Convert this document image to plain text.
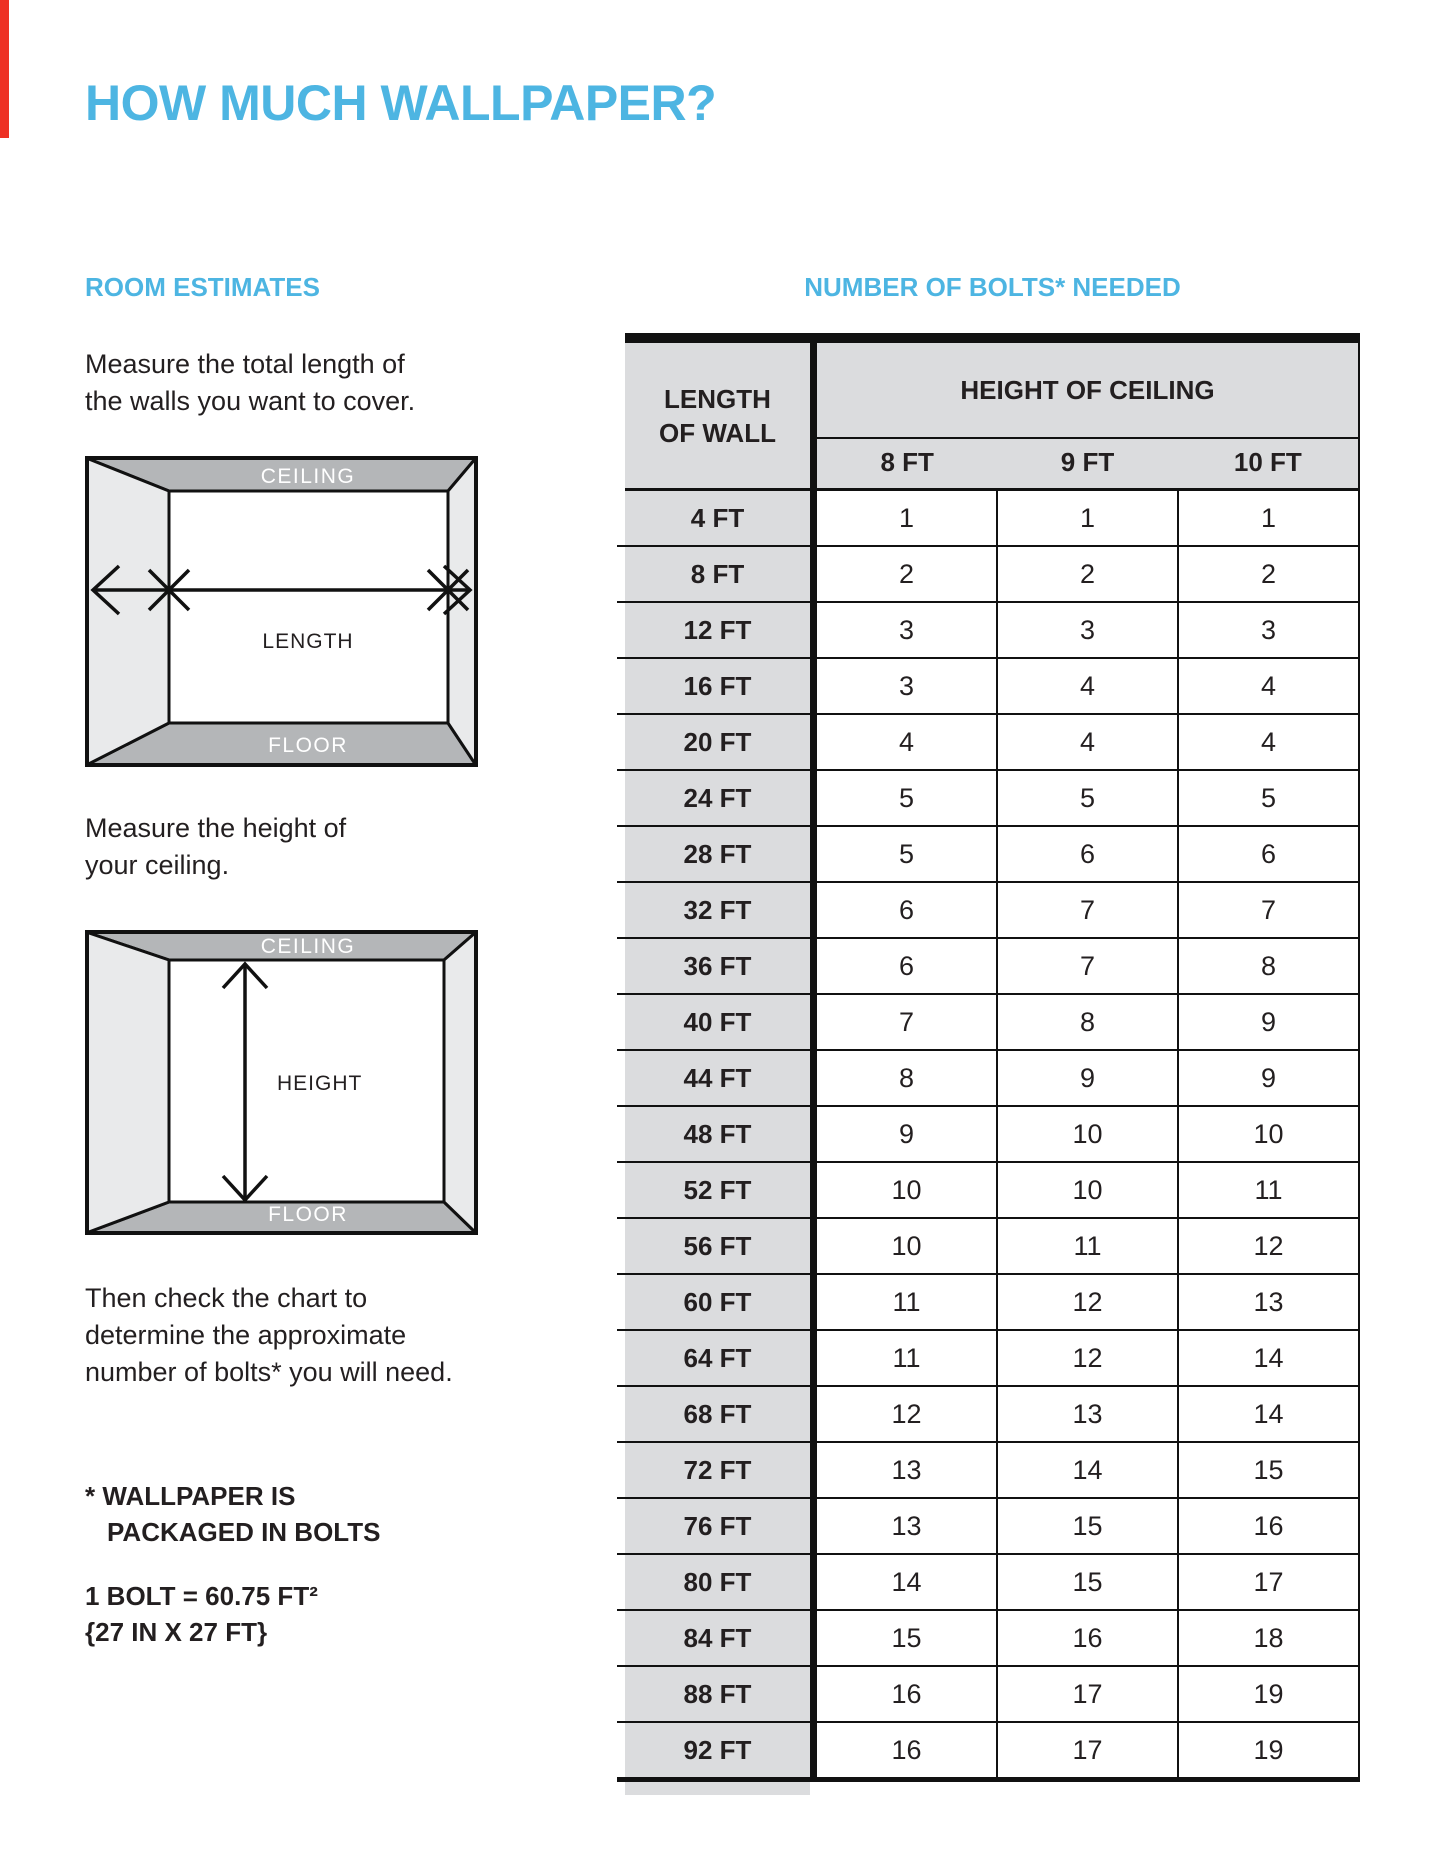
HOW MUCH WALLPAPER?
ROOM ESTIMATES	NUMBER OF BOLTS* NEEDED
Measure the total length of
the walls you want to cover.
CEILING
LENGTH
FLOOR
Measure the height of
your ceiling.
CEILING
HEIGHT
FLOOR
Then check the chart to
determine the approximate
number of bolts* you will need.
* WALLPAPER IS
PACKAGED IN BOLTS
1 BOLT = 60.75 FT²
{27 IN X 27 FT}
LENGTH
OF WALL
HEIGHT OF CEILING
8 FT	9 FT	10 FT
4 FT	1	1	1
8 FT	2	2	2
12 FT	3	3	3
16 FT	3	4	4
20 FT	4	4	4
24 FT	5	5	5
28 FT	5	6	6
32 FT	6	7	7
36 FT	6	7	8
40 FT	7	8	9
44 FT	8	9	9
48 FT	9	10	10
52 FT	10	10	11
56 FT	10	11	12
60 FT	11	12	13
64 FT	11	12	14
68 FT	12	13	14
72 FT	13	14	15
76 FT	13	15	16
80 FT	14	15	17
84 FT	15	16	18
88 FT	16	17	19
92 FT	16	17	19
